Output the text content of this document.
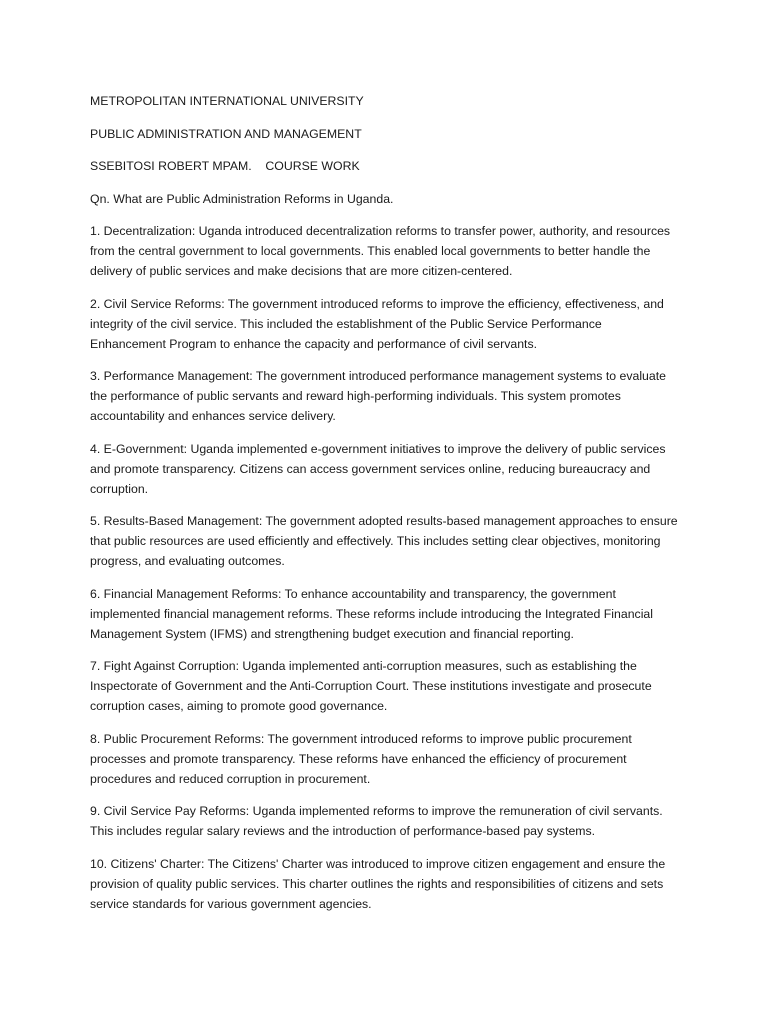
METROPOLITAN INTERNATIONAL UNIVERSITY

PUBLIC ADMINISTRATION AND MANAGEMENT

SSEBITOSI ROBERT MPAM.    COURSE WORK

Qn. What are Public Administration Reforms in Uganda.

1. Decentralization: Uganda introduced decentralization reforms to transfer power, authority, and resources from the central government to local governments. This enabled local governments to better handle the delivery of public services and make decisions that are more citizen-centered.

2. Civil Service Reforms: The government introduced reforms to improve the efficiency, effectiveness, and integrity of the civil service. This included the establishment of the Public Service Performance Enhancement Program to enhance the capacity and performance of civil servants.

3. Performance Management: The government introduced performance management systems to evaluate the performance of public servants and reward high-performing individuals. This system promotes accountability and enhances service delivery.

4. E-Government: Uganda implemented e-government initiatives to improve the delivery of public services and promote transparency. Citizens can access government services online, reducing bureaucracy and corruption.

5. Results-Based Management: The government adopted results-based management approaches to ensure that public resources are used efficiently and effectively. This includes setting clear objectives, monitoring progress, and evaluating outcomes.

6. Financial Management Reforms: To enhance accountability and transparency, the government implemented financial management reforms. These reforms include introducing the Integrated Financial Management System (IFMS) and strengthening budget execution and financial reporting.

7. Fight Against Corruption: Uganda implemented anti-corruption measures, such as establishing the Inspectorate of Government and the Anti-Corruption Court. These institutions investigate and prosecute corruption cases, aiming to promote good governance.

8. Public Procurement Reforms: The government introduced reforms to improve public procurement processes and promote transparency. These reforms have enhanced the efficiency of procurement procedures and reduced corruption in procurement.

9. Civil Service Pay Reforms: Uganda implemented reforms to improve the remuneration of civil servants. This includes regular salary reviews and the introduction of performance-based pay systems.

10. Citizens' Charter: The Citizens' Charter was introduced to improve citizen engagement and ensure the provision of quality public services. This charter outlines the rights and responsibilities of citizens and sets service standards for various government agencies.
